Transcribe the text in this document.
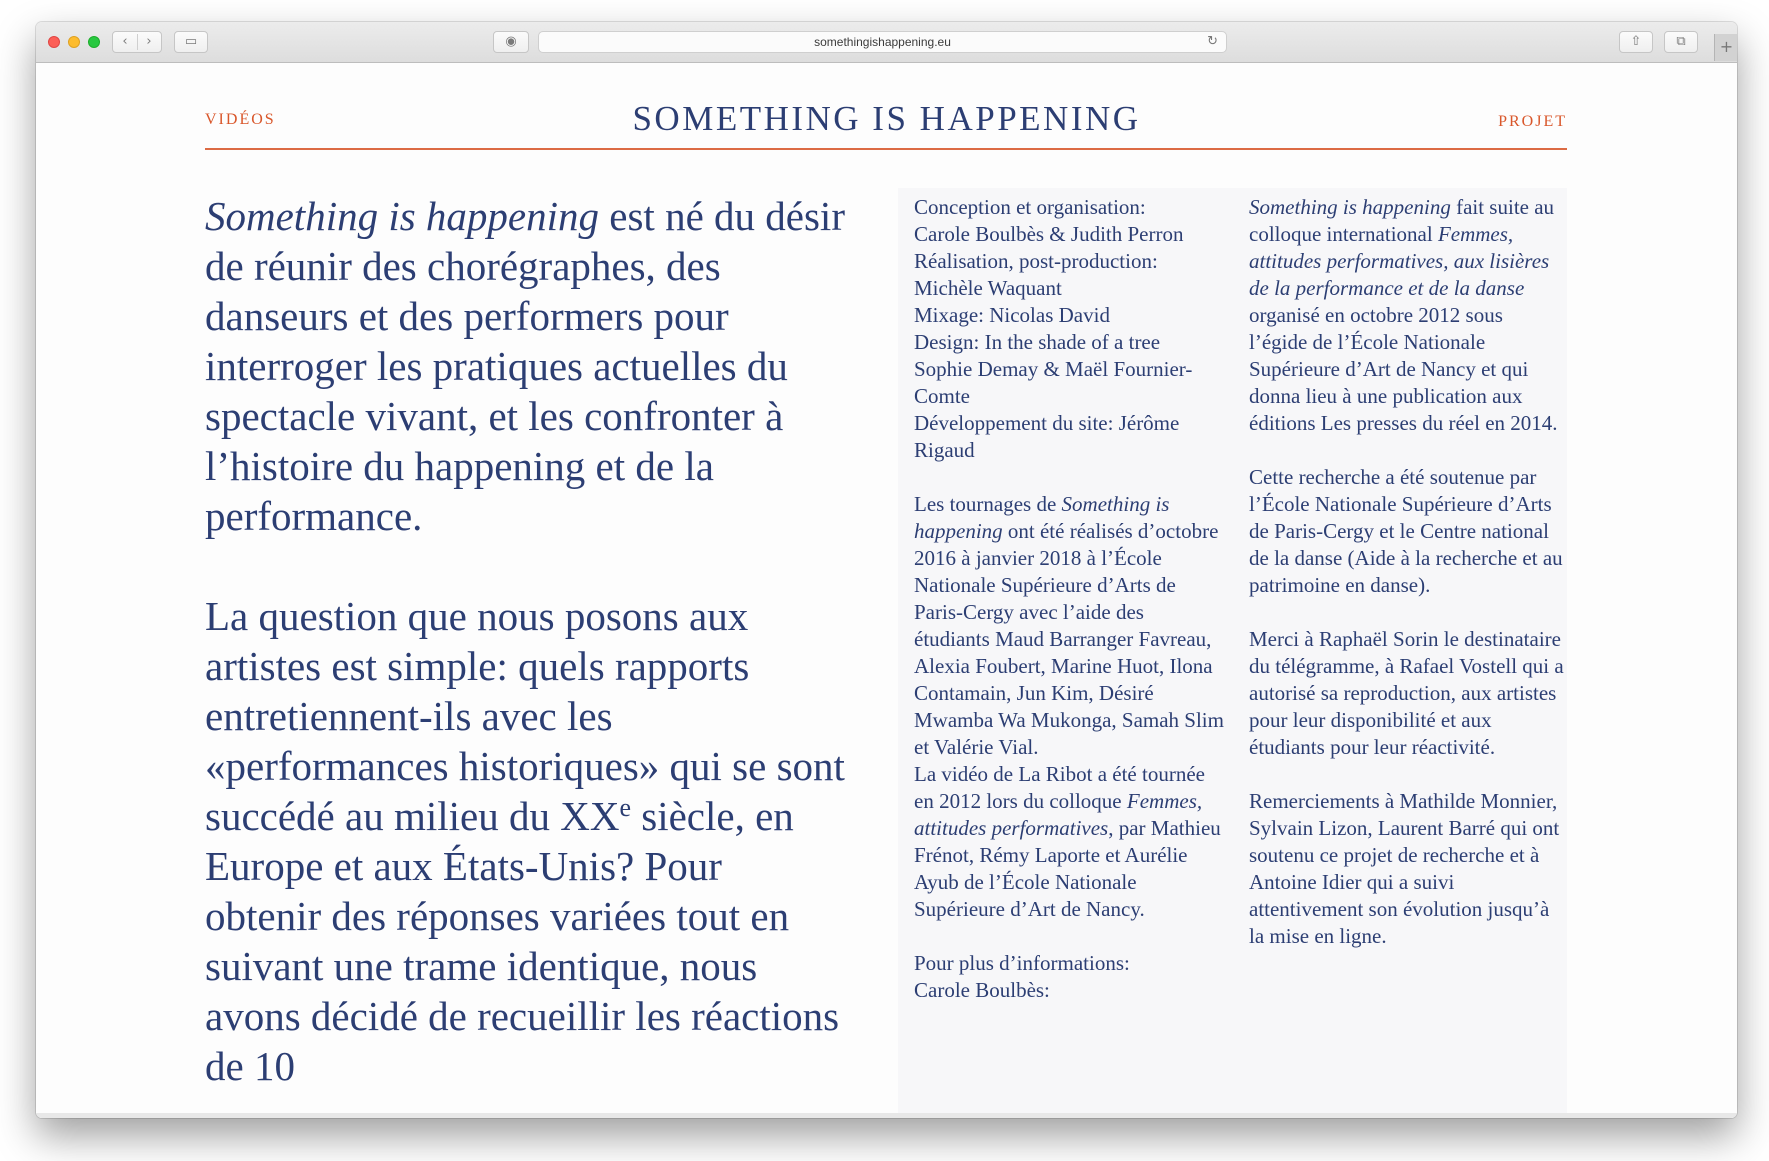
‹ ›	▭	◉	somethingishappening.eu	↻	⇧	⧉	+
VIDÉOS	SOMETHING IS HAPPENING	PROJET

Something is happening est né du désir de réunir des chorégraphes, des danseurs et des performers pour interroger les pratiques actuelles du spectacle vivant, et les confronter à l’histoire du happening et de la performance.

La question que nous posons aux artistes est simple: quels rapports entretiennent-ils avec les «performances historiques» qui se sont succédé au milieu du XXe siècle, en Europe et aux États-Unis? Pour obtenir des réponses variées tout en suivant une trame identique, nous avons décidé de recueillir les réactions de 10

Conception et organisation:
Carole Boulbès & Judith Perron
Réalisation, post-production:
Michèle Waquant
Mixage: Nicolas David
Design: In the shade of a tree
Sophie Demay & Maël Fournier-Comte
Développement du site: Jérôme Rigaud

Les tournages de Something is happening ont été réalisés d’octobre 2016 à janvier 2018 à l’École Nationale Supérieure d’Arts de Paris-Cergy avec l’aide des étudiants Maud Barranger Favreau, Alexia Foubert, Marine Huot, Ilona Contamain, Jun Kim, Désiré Mwamba Wa Mukonga, Samah Slim et Valérie Vial.

La vidéo de La Ribot a été tournée en 2012 lors du colloque Femmes, attitudes performatives, par Mathieu Frénot, Rémy Laporte et Aurélie Ayub de l’École Nationale Supérieure d’Art de Nancy.

Pour plus d’informations:
Carole Boulbès:

Something is happening fait suite au colloque international Femmes, attitudes performatives, aux lisières de la performance et de la danse organisé en octobre 2012 sous l’égide de l’École Nationale Supérieure d’Art de Nancy et qui donna lieu à une publication aux éditions Les presses du réel en 2014.

Cette recherche a été soutenue par l’École Nationale Supérieure d’Arts de Paris-Cergy et le Centre national de la danse (Aide à la recherche et au patrimoine en danse).

Merci à Raphaël Sorin le destinataire du télégramme, à Rafael Vostell qui a autorisé sa reproduction, aux artistes pour leur disponibilité et aux étudiants pour leur réactivité.

Remerciements à Mathilde Monnier, Sylvain Lizon, Laurent Barré qui ont soutenu ce projet de recherche et à Antoine Idier qui a suivi attentivement son évolution jusqu’à la mise en ligne.
